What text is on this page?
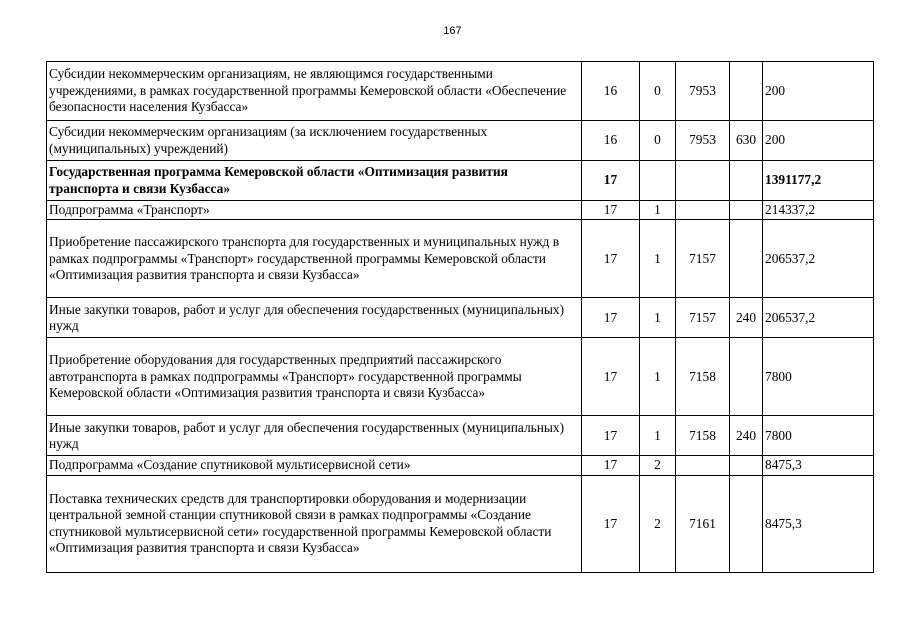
167
Субсидии некоммерческим организациям, не являющимся государственными учреждениями, в рамках государственной программы Кемеровской области «Обеспечение безопасности населения Кузбасса»	16	0	7953		200
Субсидии некоммерческим организациям (за исключением государственных (муниципальных) учреждений)	16	0	7953	630	200
Государственная программа Кемеровской области «Оптимизация развития транспорта и связи Кузбасса»	17				1391177,2
Подпрограмма «Транспорт»	17	1			214337,2
Приобретение пассажирского транспорта для государственных и муниципальных нужд в рамках подпрограммы «Транспорт» государственной программы Кемеровской области «Оптимизация развития транспорта и связи Кузбасса»	17	1	7157		206537,2
Иные закупки товаров, работ и услуг для обеспечения государственных (муниципальных) нужд	17	1	7157	240	206537,2
Приобретение оборудования для государственных предприятий пассажирского автотранспорта в рамках подпрограммы «Транспорт» государственной программы Кемеровской области «Оптимизация развития транспорта и связи Кузбасса»	17	1	7158		7800
Иные закупки товаров, работ и услуг для обеспечения государственных (муниципальных) нужд	17	1	7158	240	7800
Подпрограмма «Создание спутниковой мультисервисной сети»	17	2			8475,3
Поставка технических средств для транспортировки оборудования и модернизации центральной земной станции спутниковой связи в рамках подпрограммы «Создание спутниковой мультисервисной сети» государственной программы Кемеровской области «Оптимизация развития транспорта и связи Кузбасса»	17	2	7161		8475,3
